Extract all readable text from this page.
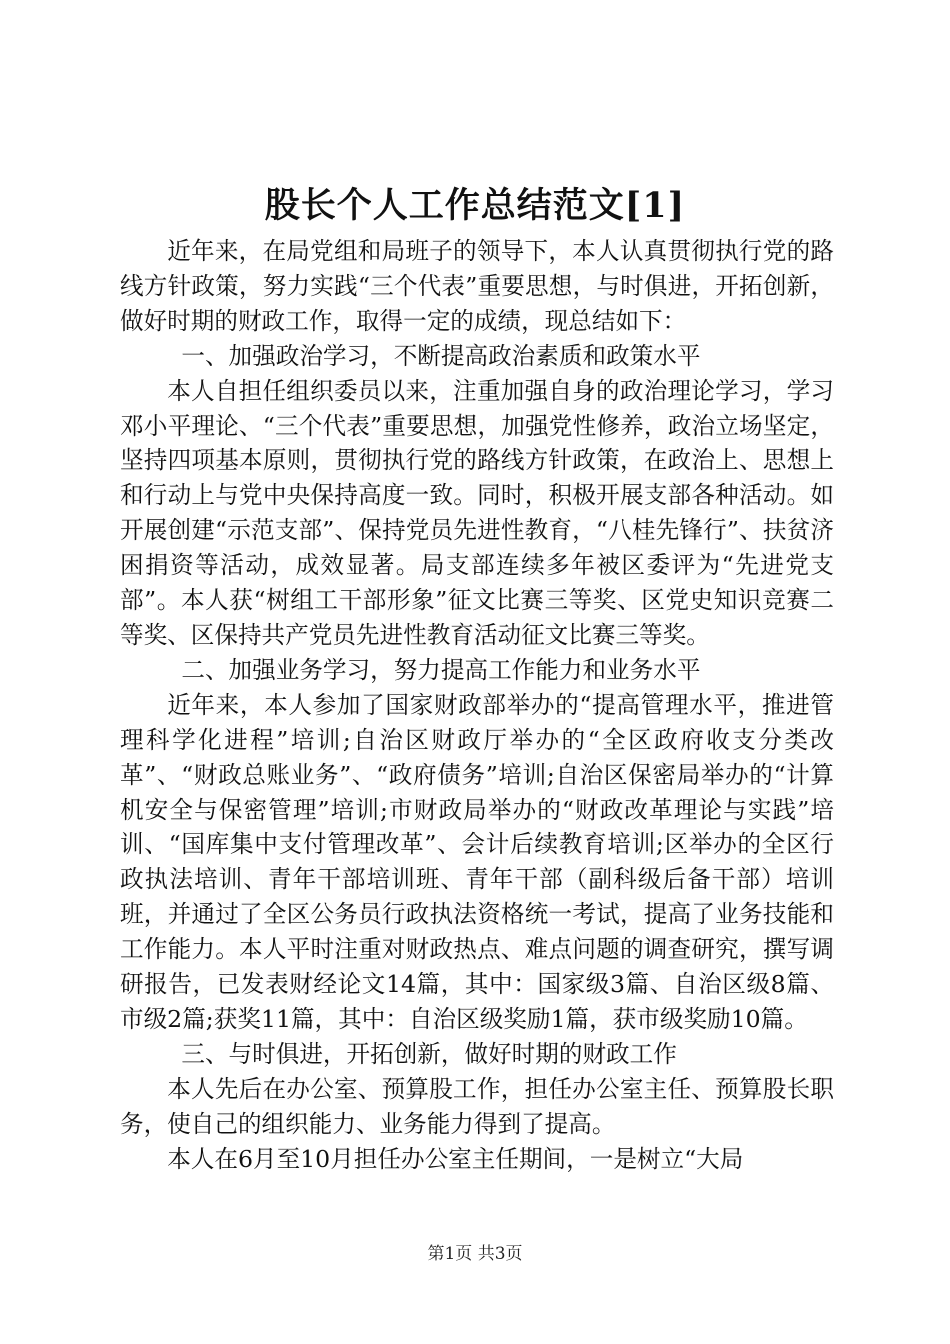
股长个人工作总结范文[1]

近年来，在局党组和局班子的领导下，本人认真贯彻执行党的路线方针政策，努力实践“三个代表”重要思想，与时俱进，开拓创新，做好时期的财政工作，取得一定的成绩，现总结如下：

一、加强政治学习，不断提高政治素质和政策水平

本人自担任组织委员以来，注重加强自身的政治理论学习，学习邓小平理论、“三个代表”重要思想，加强党性修养，政治立场坚定，坚持四项基本原则，贯彻执行党的路线方针政策，在政治上、思想上和行动上与党中央保持高度一致。同时，积极开展支部各种活动。如开展创建“示范支部”、保持党员先进性教育，“八桂先锋行”、扶贫济困捐资等活动，成效显著。局支部连续多年被区委评为“先进党支部”。本人获“树组工干部形象”征文比赛三等奖、区党史知识竞赛二等奖、区保持共产党员先进性教育活动征文比赛三等奖。

二、加强业务学习，努力提高工作能力和业务水平

近年来，本人参加了国家财政部举办的“提高管理水平，推进管理科学化进程”培训;自治区财政厅举办的“全区政府收支分类改革”、“财政总账业务”、“政府债务”培训;自治区保密局举办的“计算机安全与保密管理”培训;市财政局举办的“财政改革理论与实践”培训、“国库集中支付管理改革”、会计后续教育培训;区举办的全区行政执法培训、青年干部培训班、青年干部（副科级后备干部）培训班，并通过了全区公务员行政执法资格统一考试，提高了业务技能和工作能力。本人平时注重对财政热点、难点问题的调查研究，撰写调研报告，已发表财经论文14篇，其中：国家级3篇、自治区级8篇、市级2篇;获奖11篇，其中：自治区级奖励1篇，获市级奖励10篇。

三、与时俱进，开拓创新，做好时期的财政工作

本人先后在办公室、预算股工作，担任办公室主任、预算股长职务，使自己的组织能力、业务能力得到了提高。

本人在6月至10月担任办公室主任期间，一是树立“大局

第1页 共3页
